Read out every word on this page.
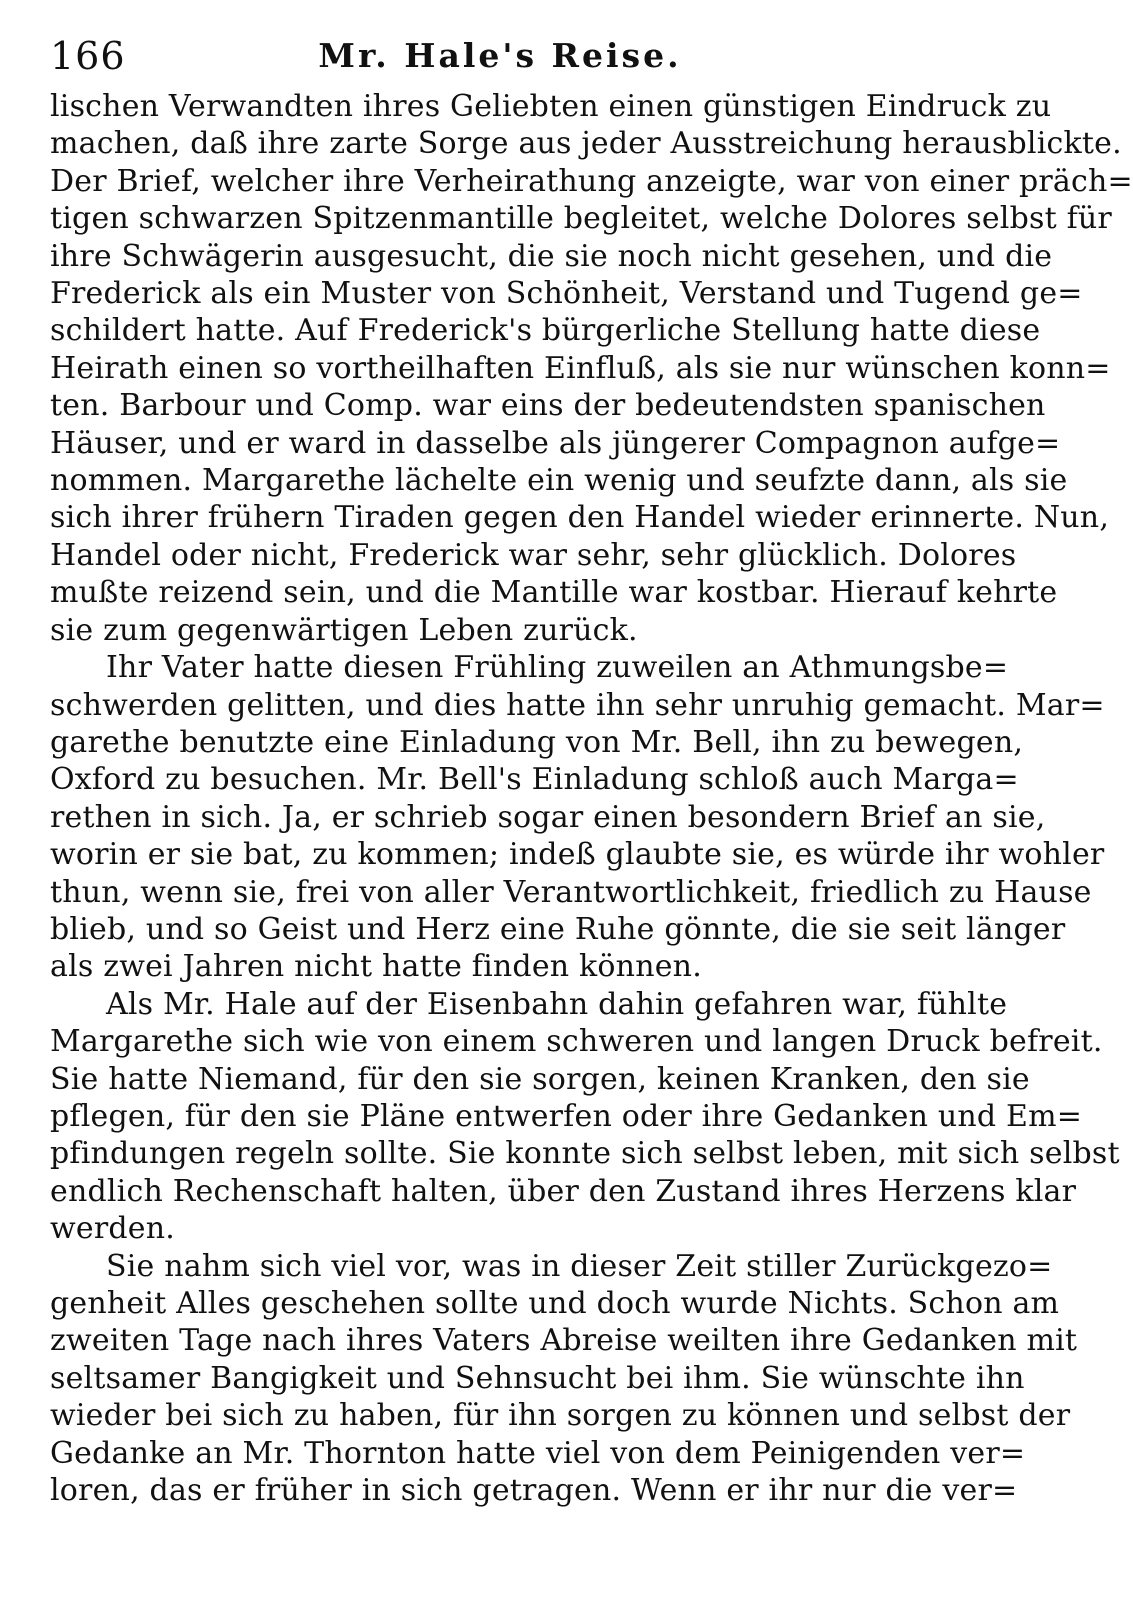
166	Mr. Hale's Reise.
lischen Verwandten ihres Geliebten einen günstigen Eindruck zu
machen, daß ihre zarte Sorge aus jeder Ausstreichung herausblickte.
Der Brief, welcher ihre Verheirathung anzeigte, war von einer präch=
tigen schwarzen Spitzenmantille begleitet, welche Dolores selbst für
ihre Schwägerin ausgesucht, die sie noch nicht gesehen, und die
Frederick als ein Muster von Schönheit, Verstand und Tugend ge=
schildert hatte. Auf Frederick's bürgerliche Stellung hatte diese
Heirath einen so vortheilhaften Einfluß, als sie nur wünschen konn=
ten. Barbour und Comp. war eins der bedeutendsten spanischen
Häuser, und er ward in dasselbe als jüngerer Compagnon aufge=
nommen. Margarethe lächelte ein wenig und seufzte dann, als sie
sich ihrer frühern Tiraden gegen den Handel wieder erinnerte. Nun,
Handel oder nicht, Frederick war sehr, sehr glücklich. Dolores
mußte reizend sein, und die Mantille war kostbar. Hierauf kehrte
sie zum gegenwärtigen Leben zurück.
Ihr Vater hatte diesen Frühling zuweilen an Athmungsbe=
schwerden gelitten, und dies hatte ihn sehr unruhig gemacht. Mar=
garethe benutzte eine Einladung von Mr. Bell, ihn zu bewegen,
Oxford zu besuchen. Mr. Bell's Einladung schloß auch Marga=
rethen in sich. Ja, er schrieb sogar einen besondern Brief an sie,
worin er sie bat, zu kommen; indeß glaubte sie, es würde ihr wohler
thun, wenn sie, frei von aller Verantwortlichkeit, friedlich zu Hause
blieb, und so Geist und Herz eine Ruhe gönnte, die sie seit länger
als zwei Jahren nicht hatte finden können.
Als Mr. Hale auf der Eisenbahn dahin gefahren war, fühlte
Margarethe sich wie von einem schweren und langen Druck befreit.
Sie hatte Niemand, für den sie sorgen, keinen Kranken, den sie
pflegen, für den sie Pläne entwerfen oder ihre Gedanken und Em=
pfindungen regeln sollte. Sie konnte sich selbst leben, mit sich selbst
endlich Rechenschaft halten, über den Zustand ihres Herzens klar
werden.
Sie nahm sich viel vor, was in dieser Zeit stiller Zurückgezo=
genheit Alles geschehen sollte und doch wurde Nichts. Schon am
zweiten Tage nach ihres Vaters Abreise weilten ihre Gedanken mit
seltsamer Bangigkeit und Sehnsucht bei ihm. Sie wünschte ihn
wieder bei sich zu haben, für ihn sorgen zu können und selbst der
Gedanke an Mr. Thornton hatte viel von dem Peinigenden ver=
loren, das er früher in sich getragen. Wenn er ihr nur die ver=
